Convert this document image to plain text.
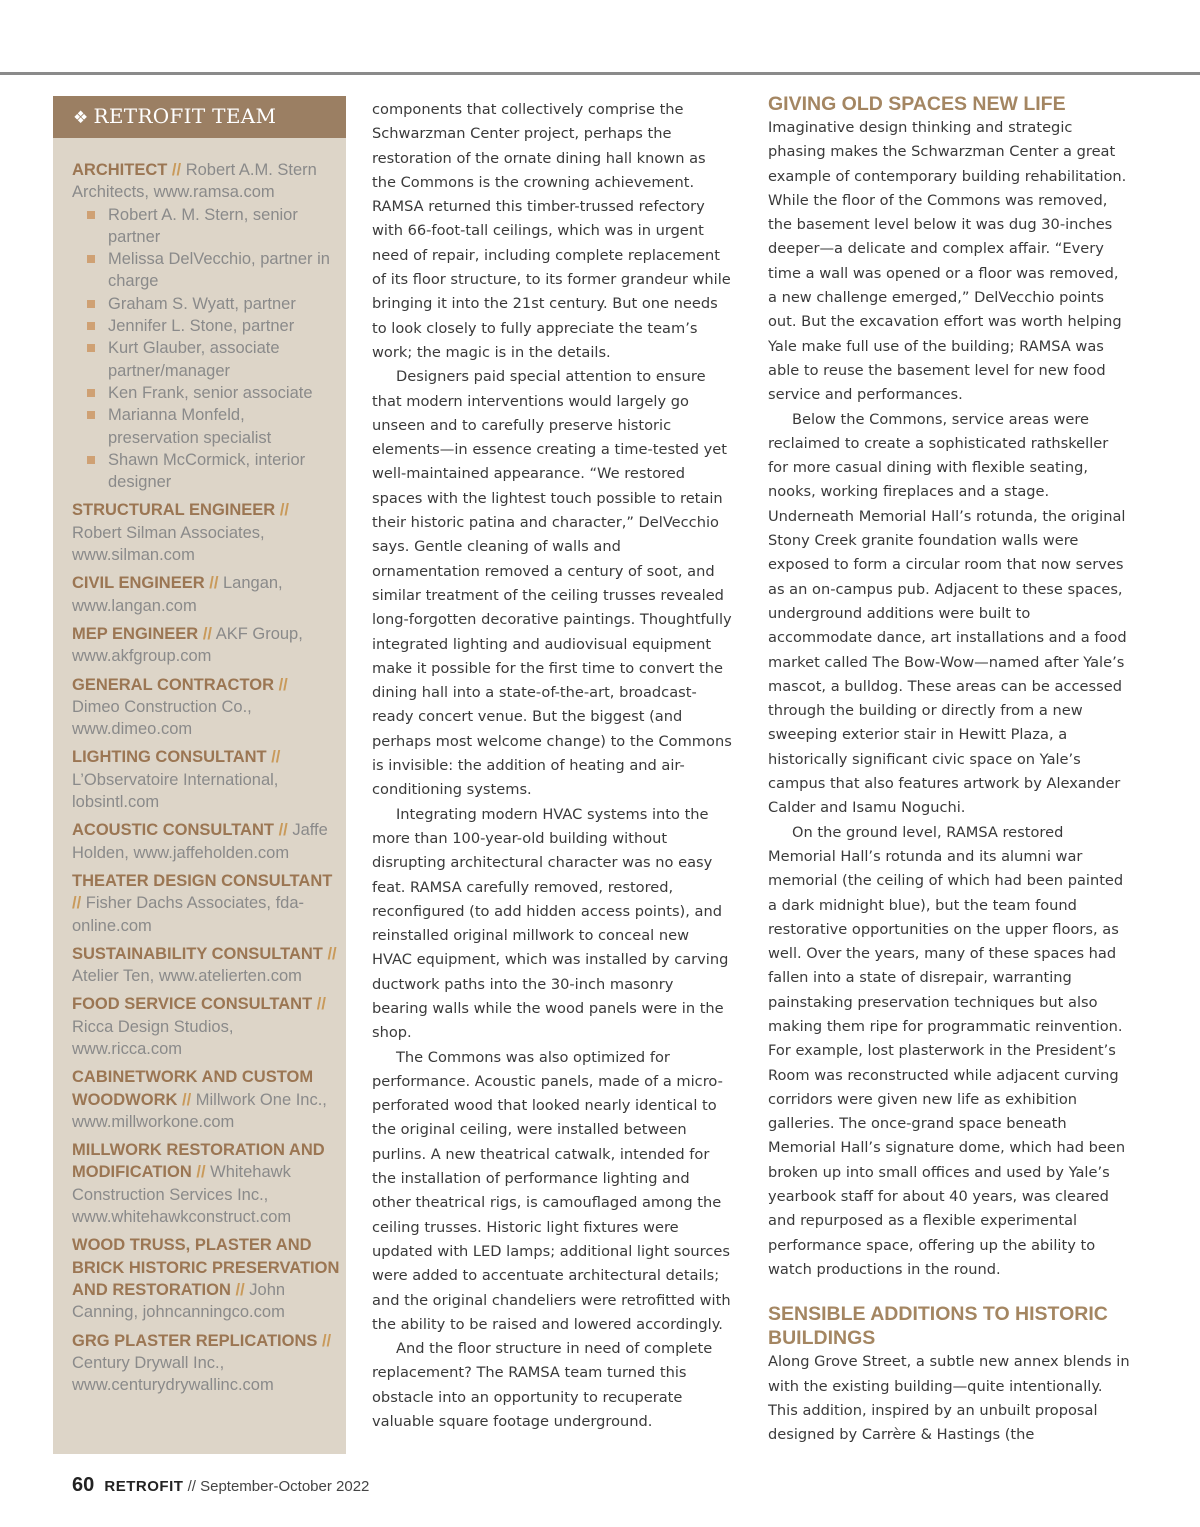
❖ RETROFIT TEAM
ARCHITECT // Robert A.M. Stern Architects, www.ramsa.com
Robert A. M. Stern, senior partner
Melissa DelVecchio, partner in charge
Graham S. Wyatt, partner
Jennifer L. Stone, partner
Kurt Glauber, associate partner/manager
Ken Frank, senior associate
Marianna Monfeld, preservation specialist
Shawn McCormick, interior designer
STRUCTURAL ENGINEER // Robert Silman Associates, www.silman.com
CIVIL ENGINEER // Langan, www.langan.com
MEP ENGINEER // AKF Group, www.akfgroup.com
GENERAL CONTRACTOR // Dimeo Construction Co., www.dimeo.com
LIGHTING CONSULTANT // L’Observatoire International, lobsintl.com
ACOUSTIC CONSULTANT // Jaffe Holden, www.jaffeholden.com
THEATER DESIGN CONSULTANT // Fisher Dachs Associates, fda-online.com
SUSTAINABILITY CONSULTANT // Atelier Ten, www.atelierten.com
FOOD SERVICE CONSULTANT // Ricca Design Studios, www.ricca.com
CABINETWORK AND CUSTOM WOODWORK // Millwork One Inc., www.millworkone.com
MILLWORK RESTORATION AND MODIFICATION // Whitehawk Construction Services Inc., www.whitehawkconstruct.com
WOOD TRUSS, PLASTER AND BRICK HISTORIC PRESERVATION AND RESTORATION // John Canning, johncanningco.com
GRG PLASTER REPLICATIONS // Century Drywall Inc., www.centurydrywallinc.com

components that collectively comprise the Schwarzman Center project, perhaps the restoration of the ornate dining hall known as the Commons is the crowning achievement. RAMSA returned this timber-trussed refectory with 66-foot-tall ceilings, which was in urgent need of repair, including complete replacement of its floor structure, to its former grandeur while bringing it into the 21st century. But one needs to look closely to fully appreciate the team’s work; the magic is in the details.

Designers paid special attention to ensure that modern interventions would largely go unseen and to carefully preserve historic elements—in essence creating a time-tested yet well-maintained appearance. “We restored spaces with the lightest touch possible to retain their historic patina and character,” DelVecchio says. Gentle cleaning of walls and ornamentation removed a century of soot, and similar treatment of the ceiling trusses revealed long-forgotten decorative paintings. Thoughtfully integrated lighting and audiovisual equipment make it possible for the first time to convert the dining hall into a state-of-the-art, broadcast-ready concert venue. But the biggest (and perhaps most welcome change) to the Commons is invisible: the addition of heating and air-conditioning systems.

Integrating modern HVAC systems into the more than 100-year-old building without disrupting architectural character was no easy feat. RAMSA carefully removed, restored, reconfigured (to add hidden access points), and reinstalled original millwork to conceal new HVAC equipment, which was installed by carving ductwork paths into the 30-inch masonry bearing walls while the wood panels were in the shop.

The Commons was also optimized for performance. Acoustic panels, made of a micro-perforated wood that looked nearly identical to the original ceiling, were installed between purlins. A new theatrical catwalk, intended for the installation of performance lighting and other theatrical rigs, is camouflaged among the ceiling trusses. Historic light fixtures were updated with LED lamps; additional light sources were added to accentuate architectural details; and the original chandeliers were retrofitted with the ability to be raised and lowered accordingly.

And the floor structure in need of complete replacement? The RAMSA team turned this obstacle into an opportunity to recuperate valuable square footage underground.

GIVING OLD SPACES NEW LIFE

Imaginative design thinking and strategic phasing makes the Schwarzman Center a great example of contemporary building rehabilitation. While the floor of the Commons was removed, the basement level below it was dug 30-inches deeper—a delicate and complex affair. “Every time a wall was opened or a floor was removed, a new challenge emerged,” DelVecchio points out. But the excavation effort was worth helping Yale make full use of the building; RAMSA was able to reuse the basement level for new food service and performances.

Below the Commons, service areas were reclaimed to create a sophisticated rathskeller for more casual dining with flexible seating, nooks, working fireplaces and a stage. Underneath Memorial Hall’s rotunda, the original Stony Creek granite foundation walls were exposed to form a circular room that now serves as an on-campus pub. Adjacent to these spaces, underground additions were built to accommodate dance, art installations and a food market called The Bow-Wow—named after Yale’s mascot, a bulldog. These areas can be accessed through the building or directly from a new sweeping exterior stair in Hewitt Plaza, a historically significant civic space on Yale’s campus that also features artwork by Alexander Calder and Isamu Noguchi.

On the ground level, RAMSA restored Memorial Hall’s rotunda and its alumni war memorial (the ceiling of which had been painted a dark midnight blue), but the team found restorative opportunities on the upper floors, as well. Over the years, many of these spaces had fallen into a state of disrepair, warranting painstaking preservation techniques but also making them ripe for programmatic reinvention. For example, lost plasterwork in the President’s Room was reconstructed while adjacent curving corridors were given new life as exhibition galleries. The once-grand space beneath Memorial Hall’s signature dome, which had been broken up into small offices and used by Yale’s yearbook staff for about 40 years, was cleared and repurposed as a flexible experimental performance space, offering up the ability to watch productions in the round.

SENSIBLE ADDITIONS TO HISTORIC BUILDINGS

Along Grove Street, a subtle new annex blends in with the existing building—quite intentionally. This addition, inspired by an unbuilt proposal designed by Carrère & Hastings (the

60 RETROFIT // September-October 2022
